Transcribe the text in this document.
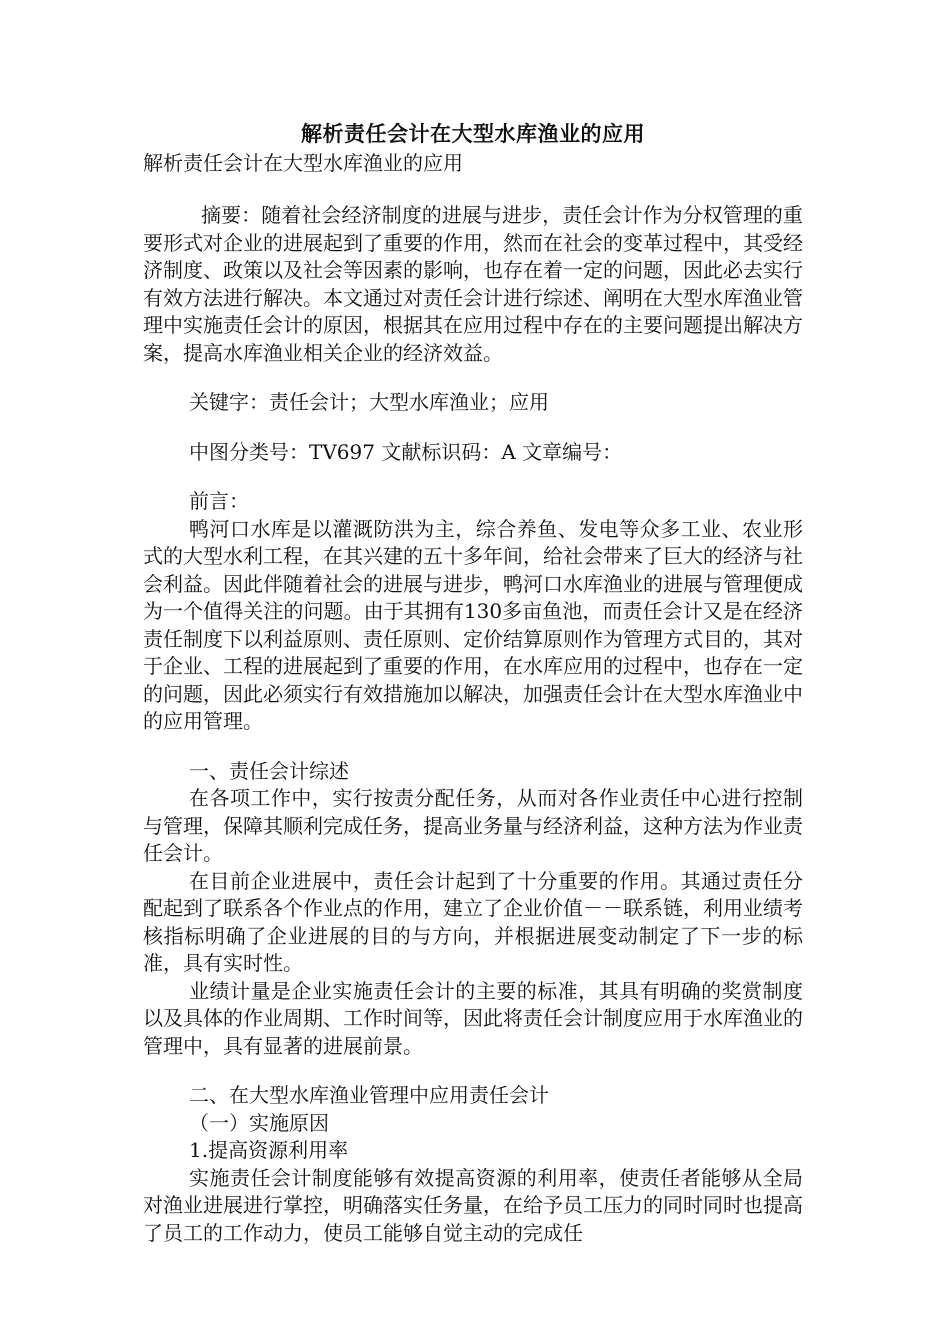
解析责任会计在大型水库渔业的应用

解析责任会计在大型水库渔业的应用

摘要：随着社会经济制度的进展与进步，责任会计作为分权管理的重要形式对企业的进展起到了重要的作用，然而在社会的变革过程中，其受经济制度、政策以及社会等因素的影响，也存在着一定的问题，因此必去实行有效方法进行解决。本文通过对责任会计进行综述、阐明在大型水库渔业管理中实施责任会计的原因，根据其在应用过程中存在的主要问题提出解决方案，提高水库渔业相关企业的经济效益。

关键字：责任会计；大型水库渔业；应用

中图分类号：TV697 文献标识码：A 文章编号：

前言：

鸭河口水库是以灌溉防洪为主，综合养鱼、发电等众多工业、农业形式的大型水利工程，在其兴建的五十多年间，给社会带来了巨大的经济与社会利益。因此伴随着社会的进展与进步，鸭河口水库渔业的进展与管理便成为一个值得关注的问题。由于其拥有130多亩鱼池，而责任会计又是在经济责任制度下以利益原则、责任原则、定价结算原则作为管理方式目的，其对于企业、工程的进展起到了重要的作用，在水库应用的过程中，也存在一定的问题，因此必须实行有效措施加以解决，加强责任会计在大型水库渔业中的应用管理。

一、责任会计综述

在各项工作中，实行按责分配任务，从而对各作业责任中心进行控制与管理，保障其顺利完成任务，提高业务量与经济利益，这种方法为作业责任会计。

在目前企业进展中，责任会计起到了十分重要的作用。其通过责任分配起到了联系各个作业点的作用，建立了企业价值－－联系链，利用业绩考核指标明确了企业进展的目的与方向，并根据进展变动制定了下一步的标准，具有实时性。

业绩计量是企业实施责任会计的主要的标准，其具有明确的奖赏制度以及具体的作业周期、工作时间等，因此将责任会计制度应用于水库渔业的管理中，具有显著的进展前景。

二、在大型水库渔业管理中应用责任会计

（一）实施原因

1.提高资源利用率

实施责任会计制度能够有效提高资源的利用率，使责任者能够从全局对渔业进展进行掌控，明确落实任务量，在给予员工压力的同时同时也提高了员工的工作动力，使员工能够自觉主动的完成任
